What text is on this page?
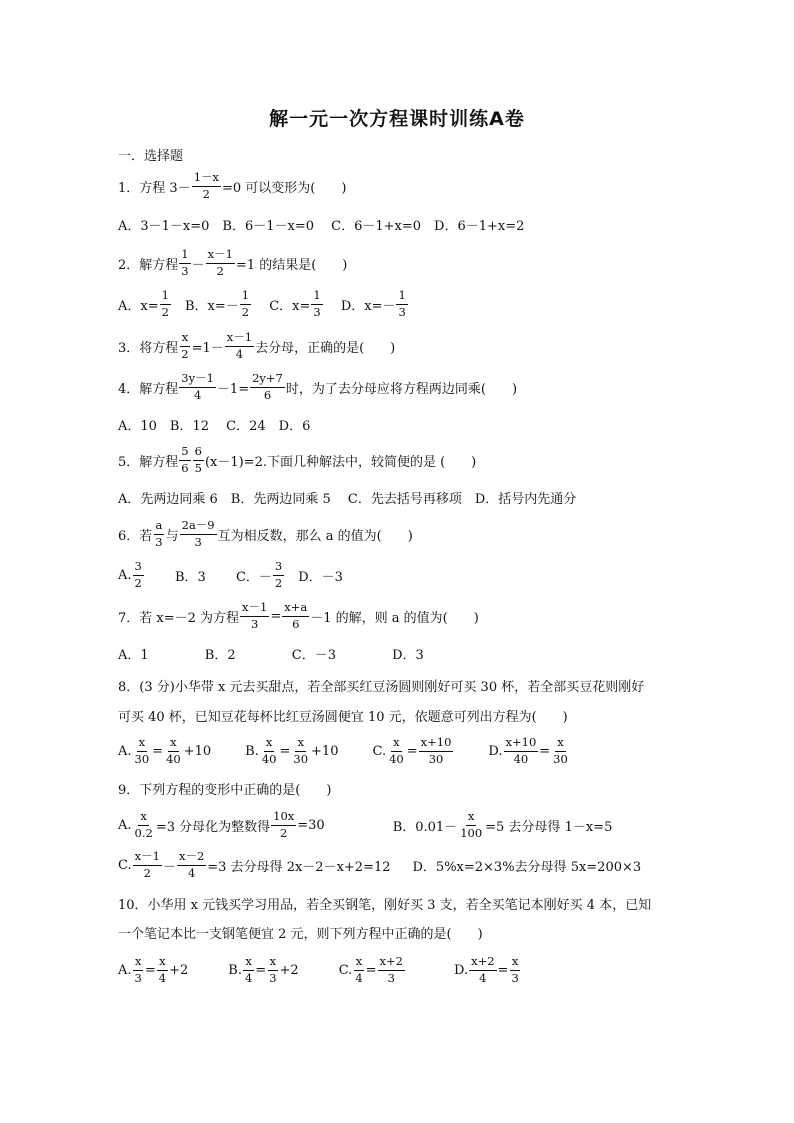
解一元一次方程课时训练A卷
一．选择题
1．方程 $3- \frac{1-x}{2} =0$ 可以变形为(　　)
A．3－1－x=0　B．6－1－x=0　 C．6－1+x=0　D．6－1+x=2
2．解方程 $\frac{1}{3} - \frac{x-1}{2} =1$ 的结果是(　　)
A．$x= \frac{1}{2}$ 　B．$x=- \frac{1}{2}$ 　 C．$x= \frac{1}{3}$ 　 D．$x=- \frac{1}{3}$
3．将方程 $\frac{x}{2} =1- \frac{x-1}{4}$ 去分母，正确的是(　　)
4．解方程 $\frac{3y-1}{4} -1= \frac{2y+7}{6}$ 时，为了去分母应将方程两边同乘(　　)
A．10　B．12　 C．24　D．6
5．解方程 $\frac{5}{6} \frac{6}{5} (x-1)=2$.下面几种解法中，较简便的是 (　　)
A．先两边同乘 6　B．先两边同乘 5　 C．先去括号再移项　D．括号内先通分
6．若 $\frac{a}{3}$ 与 $\frac{2a-9}{3}$ 互为相反数，那么 a 的值为(　　)
A. $\frac{3}{2}$ 　　 B．3　　 C．－ $\frac{3}{2}$ 　D．－3
7．若 x=－2 为方程 $\frac{x-1}{3} = \frac{x+a}{6} -1$ 的解，则 a 的值为(　　)
A．1　　　　 B．2　　　　 C．－3　　　　 D．3
8．(3 分)小华带 x 元去买甜点，若全部买红豆汤圆则刚好可买 30 杯，若全部买豆花则刚好
可买 40 杯，已知豆花每杯比红豆汤圆便宜 10 元，依题意可列出方程为(　　)
A. $\frac{x}{30} = \frac{x}{40} +10$	B. $\frac{x}{40} = \frac{x}{30} +10$	C. $\frac{x}{40} = \frac{x+10}{30}$	D. $\frac{x+10}{40} = \frac{x}{30}$
9．下列方程的变形中正确的是(　　)
A. $\frac{x}{0.2} =3$ 分母化为整数得 $\frac{10x}{2} =30$	B．$0.01- \frac{x}{100} =5$ 去分母得 1－x=5
C. $\frac{x-1}{2} - \frac{x-2}{4} =3$ 去分母得 2x－2－x+2=12 D．5%x=2×3%去分母得 5x=200×3
10．小华用 x 元钱买学习用品，若全买钢笔，刚好买 3 支，若全买笔记本刚好买 4 本，已知
一个笔记本比一支钢笔便宜 2 元，则下列方程中正确的是(　　)
A. $\frac{x}{3} = \frac{x}{4} +2$	B. $\frac{x}{4} = \frac{x}{3} +2$	C. $\frac{x}{4} = \frac{x+2}{3}$	D. $\frac{x+2}{4} = \frac{x}{3}$
